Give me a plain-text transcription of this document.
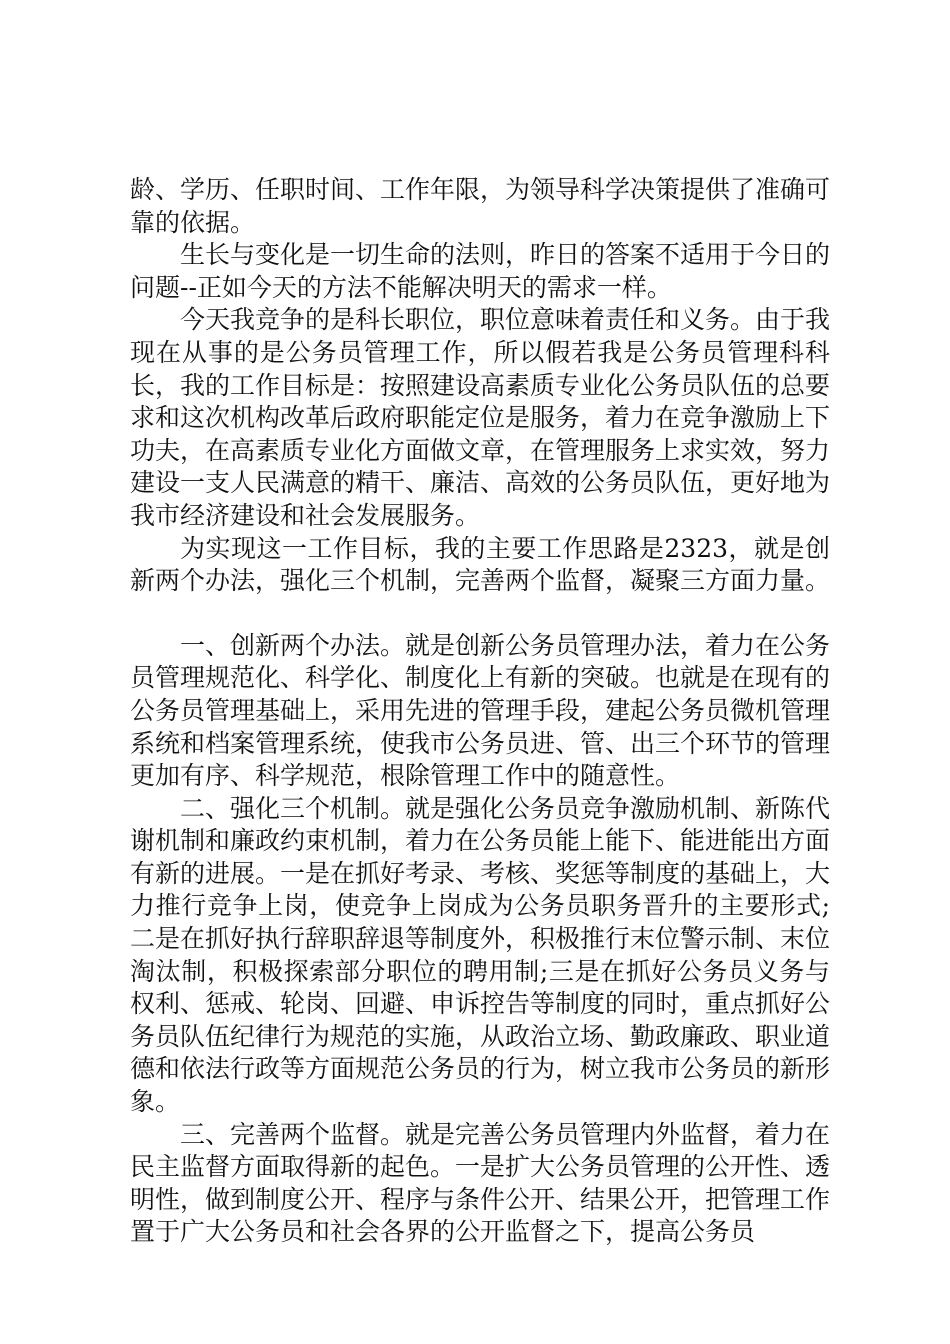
龄、学历、任职时间、工作年限，为领导科学决策提供了准确可靠的依据。

生长与变化是一切生命的法则，昨日的答案不适用于今日的问题--正如今天的方法不能解决明天的需求一样。

今天我竞争的是科长职位，职位意味着责任和义务。由于我现在从事的是公务员管理工作，所以假若我是公务员管理科科长，我的工作目标是：按照建设高素质专业化公务员队伍的总要求和这次机构改革后政府职能定位是服务，着力在竞争激励上下功夫，在高素质专业化方面做文章，在管理服务上求实效，努力建设一支人民满意的精干、廉洁、高效的公务员队伍，更好地为我市经济建设和社会发展服务。

为实现这一工作目标，我的主要工作思路是2323，就是创新两个办法，强化三个机制，完善两个监督，凝聚三方面力量。

一、创新两个办法。就是创新公务员管理办法，着力在公务员管理规范化、科学化、制度化上有新的突破。也就是在现有的公务员管理基础上，采用先进的管理手段，建起公务员微机管理系统和档案管理系统，使我市公务员进、管、出三个环节的管理更加有序、科学规范，根除管理工作中的随意性。

二、强化三个机制。就是强化公务员竞争激励机制、新陈代谢机制和廉政约束机制，着力在公务员能上能下、能进能出方面有新的进展。一是在抓好考录、考核、奖惩等制度的基础上，大力推行竞争上岗，使竞争上岗成为公务员职务晋升的主要形式;二是在抓好执行辞职辞退等制度外，积极推行末位警示制、末位淘汰制，积极探索部分职位的聘用制;三是在抓好公务员义务与权利、惩戒、轮岗、回避、申诉控告等制度的同时，重点抓好公务员队伍纪律行为规范的实施，从政治立场、勤政廉政、职业道德和依法行政等方面规范公务员的行为，树立我市公务员的新形象。

三、完善两个监督。就是完善公务员管理内外监督，着力在民主监督方面取得新的起色。一是扩大公务员管理的公开性、透明性，做到制度公开、程序与条件公开、结果公开，把管理工作置于广大公务员和社会各界的公开监督之下，提高公务员
